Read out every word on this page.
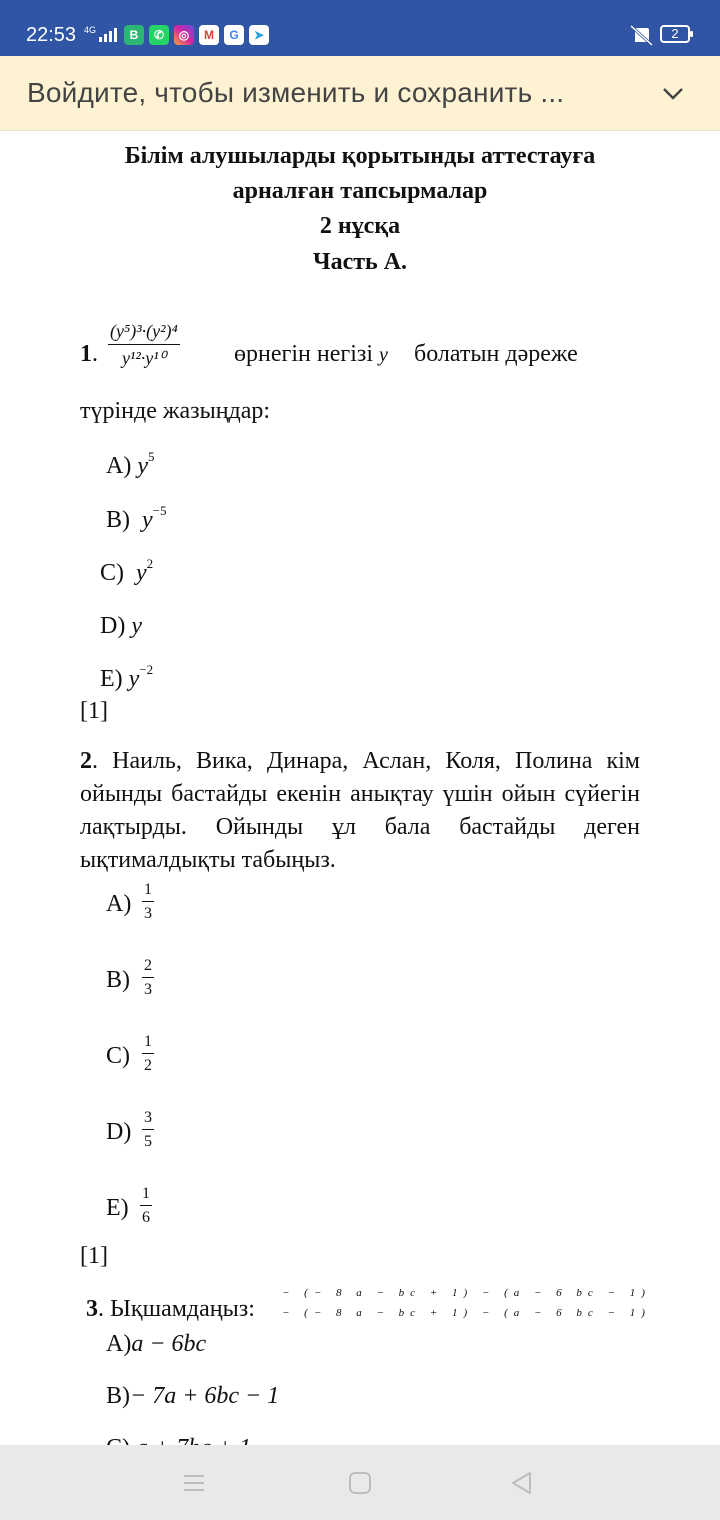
22:53 4G	B	✆	◎	M	G	➤	2
Войдите, чтобы изменить и сохранить ...
Білім алушыларды қорытынды аттестауға
арналған тапсырмалар
2 нұсқа
Часть А.
1. $\frac{\text{(y⁵)³·(y²)⁴}}{\text{y¹²·y¹⁰}}$ өрнегін негізі y болатын дәреже
түрінде жазыңдар:
A) $y^5$
B) $y^{-5}$
C) $y^2$
D) y
E) $y^{-2}$
[1]
2. Наиль, Вика, Динара, Аслан, Коля, Полина кім ойынды бастайды екенін анықтау үшін ойын сүйегін лақтырды. Ойынды ұл бала бастайды деген ықтималдықты табыңыз.
$A) \frac{1}{3}$
$B) \frac{2}{3}$
$C) \frac{1}{2}$
$D) \frac{3}{5}$
$E) \frac{1}{6}$
[1]
3. Ықшамдаңыз:
− (− 8 a − bc + 1) − (a − 6 bc − 1)
− (− 8 a − bc + 1) − (a − 6 bc − 1)
A)a − 6bc
B)− 7a + 6bc − 1
